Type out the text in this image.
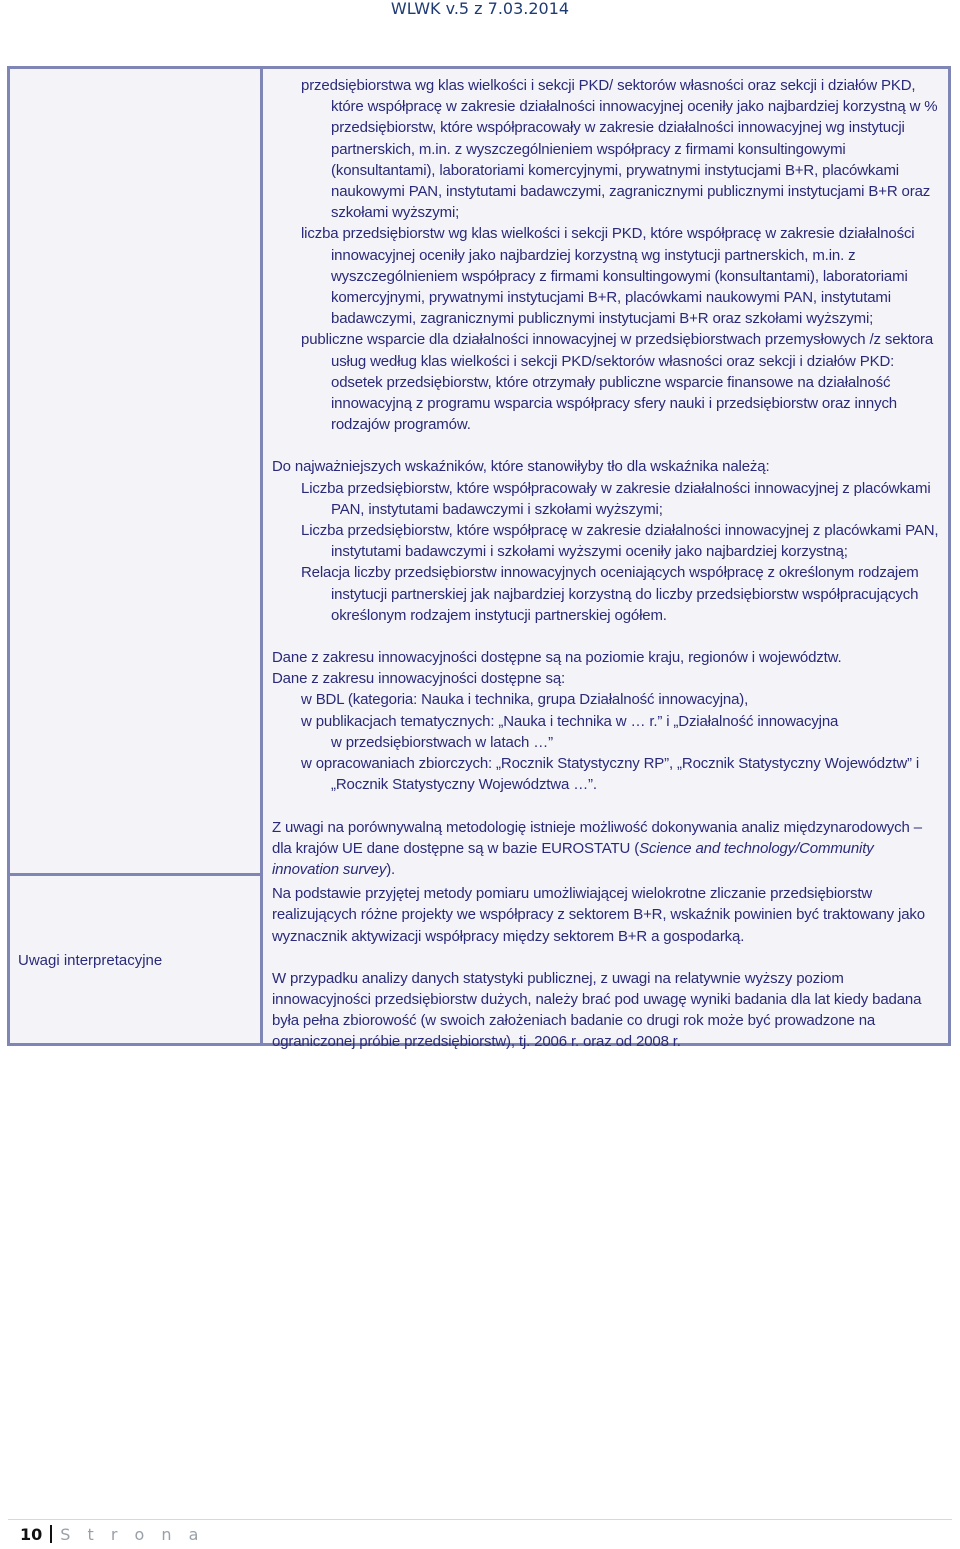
WLWK v.5 z 7.03.2014
Uwagi interpretacyjne

przedsiębiorstwa wg klas wielkości i sekcji PKD/ sektorów własności oraz sekcji i działów PKD, które współpracę w zakresie działalności innowacyjnej oceniły jako najbardziej korzystną w % przedsiębiorstw, które współpracowały w zakresie działalności innowacyjnej wg instytucji partnerskich, m.in. z wyszczególnieniem współpracy z firmami konsultingowymi (konsultantami), laboratoriami komercyjnymi, prywatnymi instytucjami B+R, placówkami naukowymi PAN, instytutami badawczymi, zagranicznymi publicznymi instytucjami B+R oraz szkołami wyższymi;

liczba przedsiębiorstw wg klas wielkości i sekcji PKD, które współpracę w zakresie działalności innowacyjnej oceniły jako najbardziej korzystną wg instytucji partnerskich, m.in. z wyszczególnieniem współpracy z firmami konsultingowymi (konsultantami), laboratoriami komercyjnymi, prywatnymi instytucjami B+R, placówkami naukowymi PAN, instytutami badawczymi, zagranicznymi publicznymi instytucjami B+R oraz szkołami wyższymi;

publiczne wsparcie dla działalności innowacyjnej w przedsiębiorstwach przemysłowych /z sektora usług według klas wielkości i sekcji PKD/sektorów własności oraz sekcji i działów PKD: odsetek przedsiębiorstw, które otrzymały publiczne wsparcie finansowe na działalność innowacyjną z programu wsparcia współpracy sfery nauki i przedsiębiorstw oraz innych rodzajów programów.

Do najważniejszych wskaźników, które stanowiłyby tło dla wskaźnika należą:

Liczba przedsiębiorstw, które współpracowały w zakresie działalności innowacyjnej z placówkami PAN, instytutami badawczymi i szkołami wyższymi;

Liczba przedsiębiorstw, które współpracę w zakresie działalności innowacyjnej z placówkami PAN, instytutami badawczymi i szkołami wyższymi oceniły jako najbardziej korzystną;

Relacja liczby przedsiębiorstw innowacyjnych oceniających współpracę z określonym rodzajem instytucji partnerskiej jak najbardziej korzystną do liczby przedsiębiorstw współpracujących określonym rodzajem instytucji partnerskiej ogółem.

Dane z zakresu innowacyjności dostępne są na poziomie kraju, regionów i województw.

Dane z zakresu innowacyjności dostępne są:

w BDL (kategoria: Nauka i technika, grupa Działalność innowacyjna),

w publikacjach tematycznych: „Nauka i technika w … r.” i „Działalność innowacyjna

w przedsiębiorstwach w latach …”

w opracowaniach zbiorczych: „Rocznik Statystyczny RP”, „Rocznik Statystyczny Województw” i

„Rocznik Statystyczny Województwa …”.

Z uwagi na porównywalną metodologię istnieje możliwość dokonywania analiz międzynarodowych – dla krajów UE dane dostępne są w bazie EUROSTATU (Science and technology/Community innovation survey).

Na podstawie przyjętej metody pomiaru umożliwiającej wielokrotne zliczanie przedsiębiorstw realizujących różne projekty we współpracy z sektorem B+R, wskaźnik powinien być traktowany jako wyznacznik aktywizacji współpracy między sektorem B+R a gospodarką.

W przypadku analizy danych statystyki publicznej, z uwagi na relatywnie wyższy poziom innowacyjności przedsiębiorstw dużych, należy brać pod uwagę wyniki badania dla lat kiedy badana była pełna zbiorowość (w swoich założeniach badanie co drugi rok może być prowadzone na ograniczonej próbie przedsiębiorstw), tj. 2006 r. oraz od 2008 r.

10 S t r o n a
